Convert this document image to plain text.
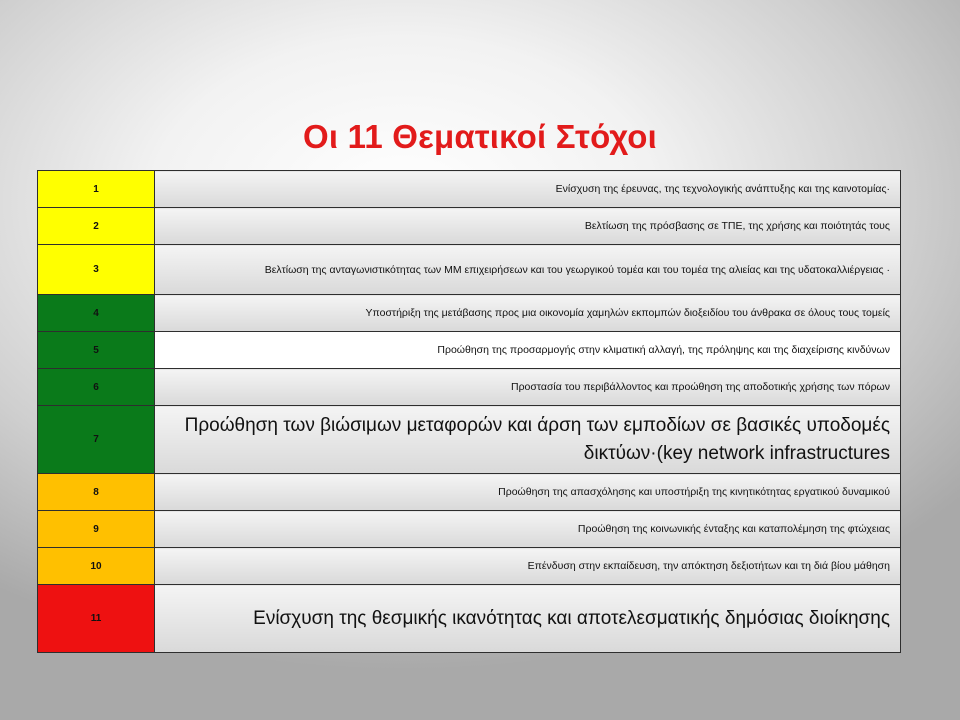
Οι 11 Θεματικοί Στόχοι
1	Ενίσχυση της έρευνας, της τεχνολογικής ανάπτυξης και της καινοτομίας·
2	Βελτίωση της πρόσβασης σε ΤΠΕ, της χρήσης και ποιότητάς τους
3	Βελτίωση της ανταγωνιστικότητας των ΜΜ επιχειρήσεων και του γεωργικού τομέα και του τομέα της αλιείας και της υδατοκαλλιέργειας ·
4	Υποστήριξη της μετάβασης προς μια οικονομία χαμηλών εκπομπών διοξειδίου του άνθρακα σε όλους τους τομείς
5	Προώθηση της προσαρμογής στην κλιματική αλλαγή, της πρόληψης και της διαχείρισης κινδύνων
6	Προστασία του περιβάλλοντος και προώθηση της αποδοτικής χρήσης των πόρων
7	Προώθηση των βιώσιμων μεταφορών και άρση των εμποδίων σε βασικές υποδομές δικτύων·(key network infrastructures
8	Προώθηση της απασχόλησης και υποστήριξη της κινητικότητας εργατικού δυναμικού
9	Προώθηση της κοινωνικής ένταξης και καταπολέμηση της φτώχειας
10	Επένδυση στην εκπαίδευση, την απόκτηση δεξιοτήτων και τη διά βίου μάθηση
11	Ενίσχυση της θεσμικής ικανότητας και αποτελεσματικής δημόσιας διοίκησης
